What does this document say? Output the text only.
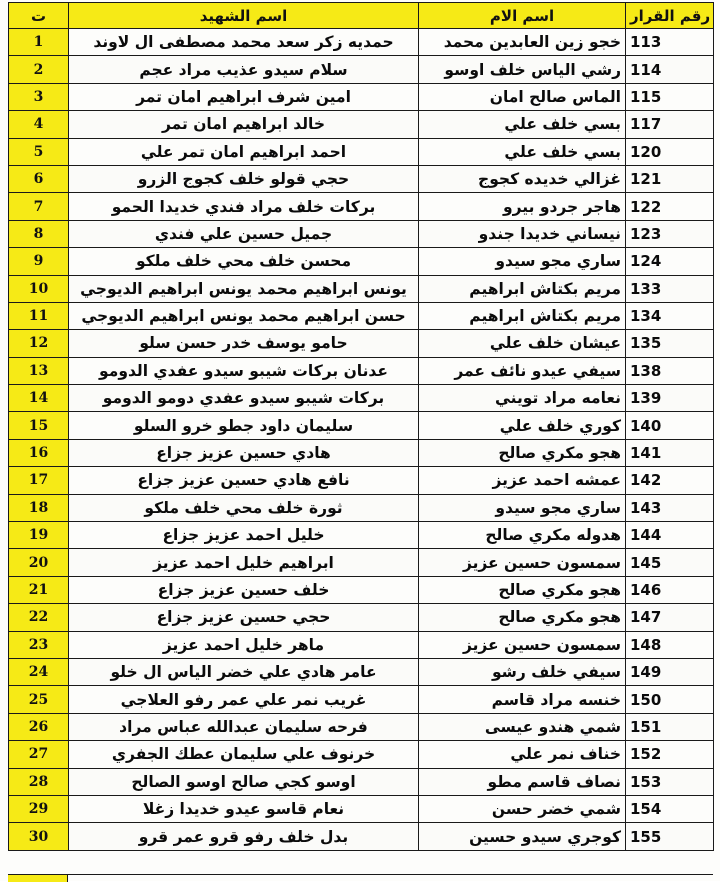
ت	اسم الشهيد	اسم الام	رقم القرار
1	حمديه زكر سعد محمد مصطفى ال لاوند	خجو زين العابدين محمد	113
2	سلام سيدو عذيب مراد عجم	رشي الياس خلف اوسو	114
3	امين شرف ابراهيم امان تمر	الماس صالح امان	115
4	خالد ابراهيم امان تمر	بسي خلف علي	117
5	احمد ابراهيم امان تمر علي	بسي خلف علي	120
6	حجي قولو خلف كجوج الزرو	غزالي خديده كجوج	121
7	بركات خلف مراد فندي خديدا الحمو	هاجر جردو بيرو	122
8	جميل حسين علي فندي	نيساني خديدا جندو	123
9	محسن خلف محي خلف ملكو	ساري مجو سيدو	124
10	يونس ابراهيم محمد يونس ابراهيم الديوجي	مريم بكتاش ابراهيم	133
11	حسن ابراهيم محمد يونس ابراهيم الديوجي	مريم بكتاش ابراهيم	134
12	حامو يوسف خدر حسن سلو	عيشان خلف علي	135
13	عدنان بركات شيبو سيدو عفدي الدومو	سيفي عيدو نائف عمر	138
14	بركات شيبو سيدو عفدي دومو الدومو	نعامه مراد تويني	139
15	سليمان داود جطو خرو السلو	كوري خلف علي	140
16	هادي حسين عزيز جزاع	هجو مكري صالح	141
17	نافع هادي حسين عزيز جزاع	عمشه احمد عزيز	142
18	ثورة خلف محي خلف ملكو	ساري مجو سيدو	143
19	خليل احمد عزيز جزاع	هدوله مكري صالح	144
20	ابراهيم خليل احمد عزيز	سمسون حسين عزيز	145
21	خلف حسين عزيز جزاع	هجو مكري صالح	146
22	حجي حسين عزيز جزاع	هجو مكري صالح	147
23	ماهر خليل احمد عزيز	سمسون حسين عزيز	148
24	عامر هادي علي خضر الياس ال خلو	سيفي خلف رشو	149
25	غريب نمر علي عمر رفو العلاجي	خنسه مراد قاسم	150
26	فرحه سليمان عبدالله عباس مراد	شمي هندو عيسى	151
27	خرنوف علي سليمان عطك الجفري	خناف نمر علي	152
28	اوسو كجي صالح اوسو الصالح	نصاف قاسم مطو	153
29	نعام قاسو عيدو خديدا زغلا	شمي خضر حسن	154
30	بدل خلف رفو قرو عمر قرو	كوجري سيدو حسين	155
